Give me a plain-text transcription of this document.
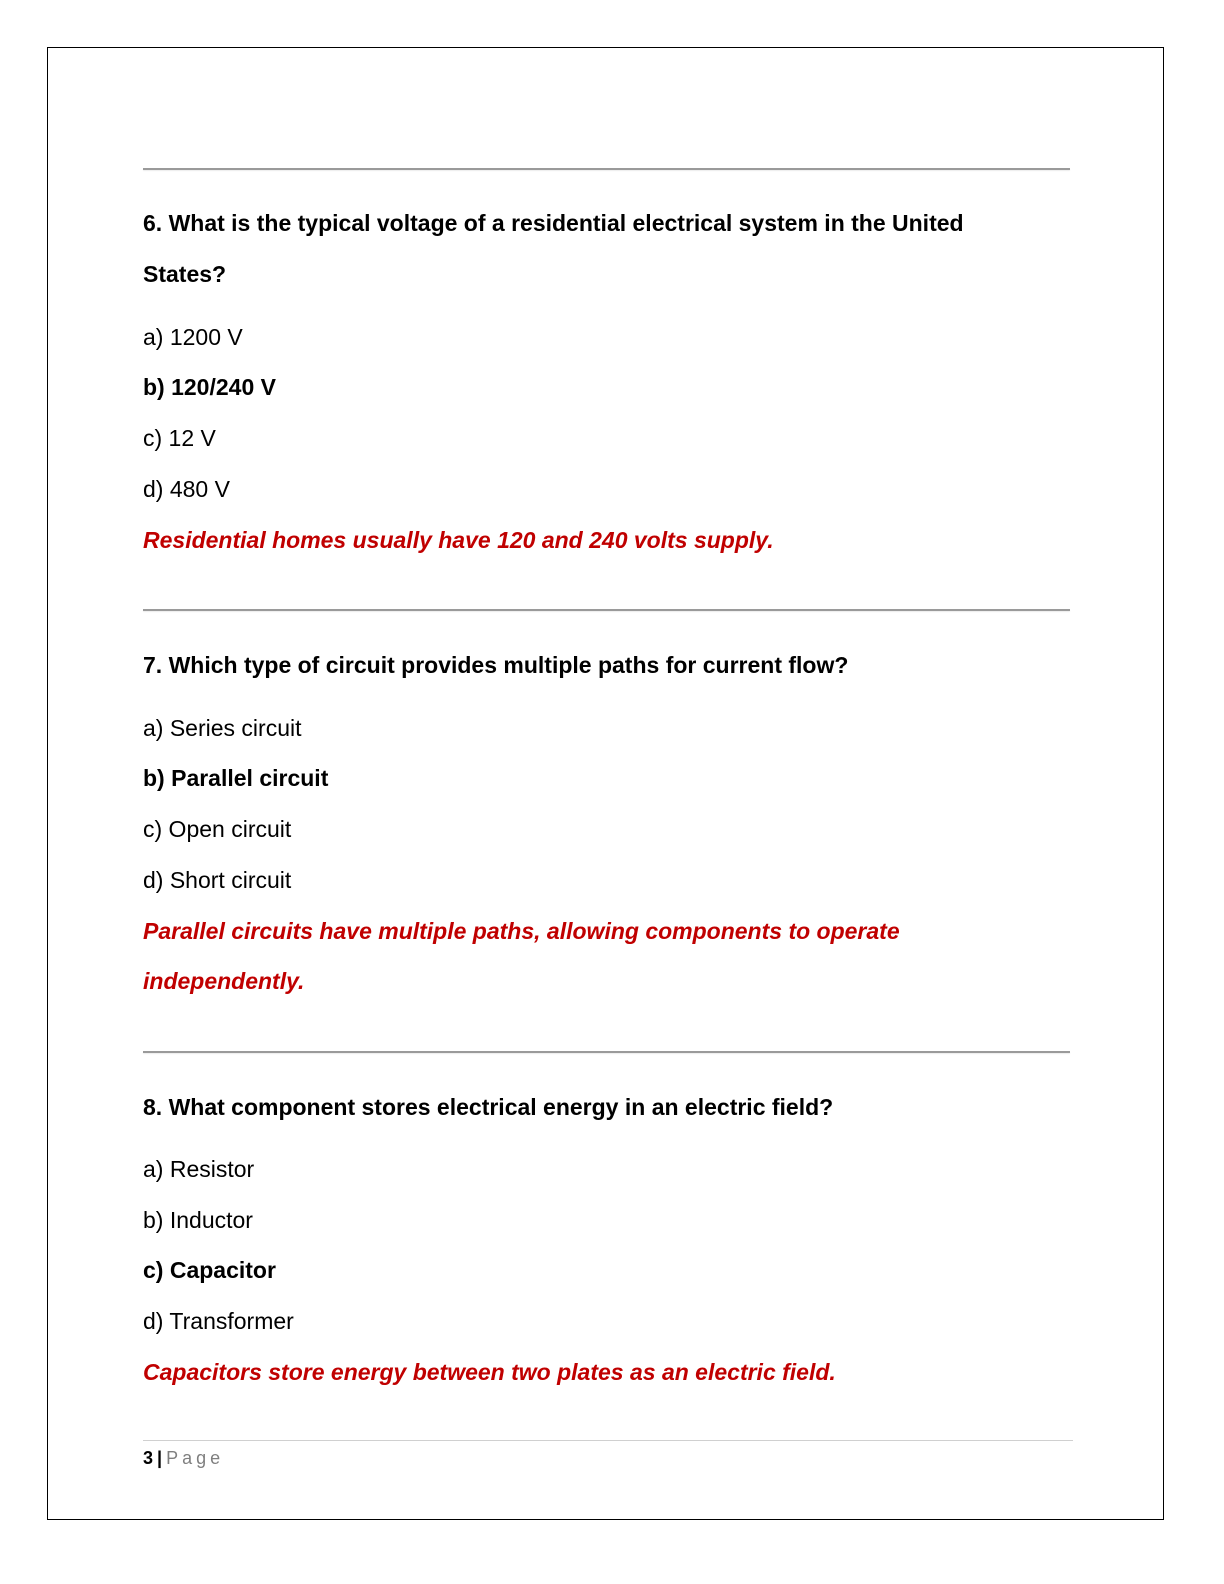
6. What is the typical voltage of a residential electrical system in the United
States?
a) 1200 V
b) 120/240 V
c) 12 V
d) 480 V
Residential homes usually have 120 and 240 volts supply.
7. Which type of circuit provides multiple paths for current flow?
a) Series circuit
b) Parallel circuit
c) Open circuit
d) Short circuit
Parallel circuits have multiple paths, allowing components to operate
independently.
8. What component stores electrical energy in an electric field?
a) Resistor
b) Inductor
c) Capacitor
d) Transformer
Capacitors store energy between two plates as an electric field.
3 | Page
